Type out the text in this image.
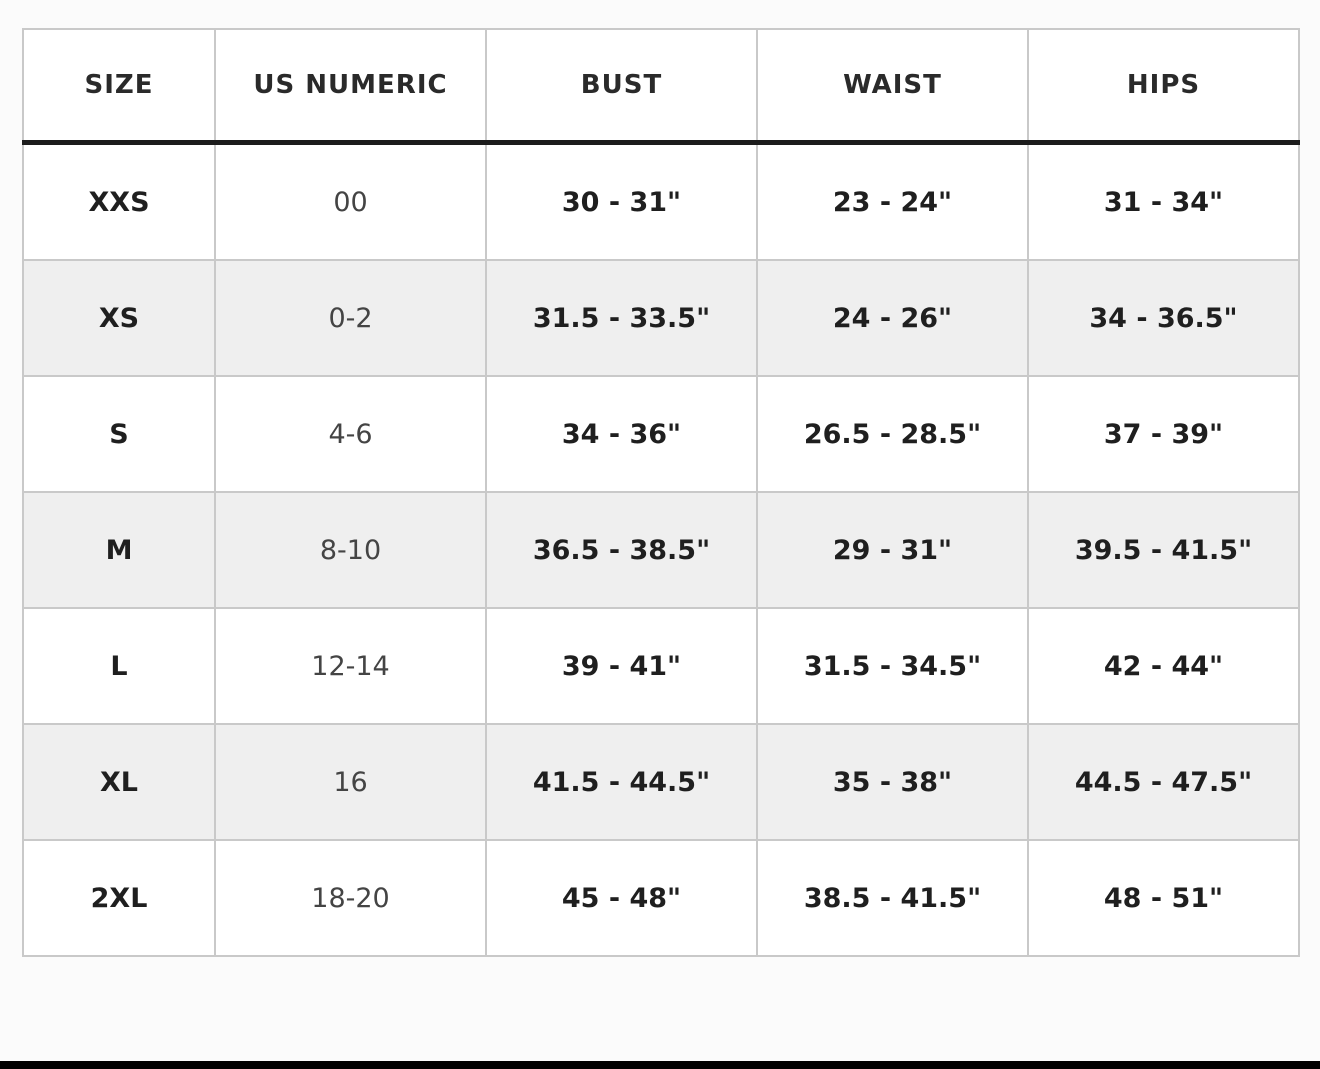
SIZE	US NUMERIC	BUST	WAIST	HIPS
XXS	00	30 - 31"	23 - 24"	31 - 34"
XS	0-2	31.5 - 33.5"	24 - 26"	34 - 36.5"
S	4-6	34 - 36"	26.5 - 28.5"	37 - 39"
M	8-10	36.5 - 38.5"	29 - 31"	39.5 - 41.5"
L	12-14	39 - 41"	31.5 - 34.5"	42 - 44"
XL	16	41.5 - 44.5"	35 - 38"	44.5 - 47.5"
2XL	18-20	45 - 48"	38.5 - 41.5"	48 - 51"
